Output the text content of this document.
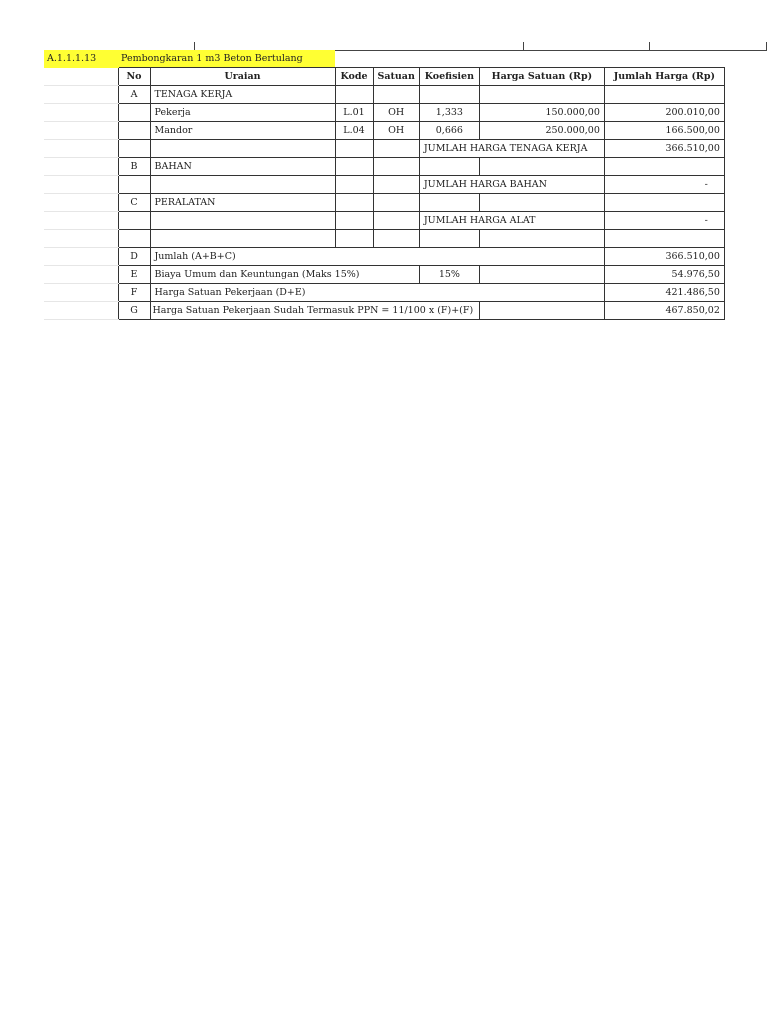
A.1.1.1.13	Pembongkaran 1 m3 Beton Bertulang						
	No	Uraian	Kode	Satuan	Koefisien	Harga Satuan (Rp)	Jumlah Harga (Rp)
	A	TENAGA KERJA					
		Pekerja	L.01	OH	1,333	150.000,00	200.010,00
		Mandor	L.04	OH	0,666	250.000,00	166.500,00
					JUMLAH HARGA TENAGA KERJA		366.510,00
	B	BAHAN					
					JUMLAH HARGA BAHAN		-
	C	PERALATAN					
					JUMLAH HARGA ALAT		-

	D	Jumlah (A+B+C)					366.510,00
	E	Biaya Umum dan Keuntungan (Maks 15%)			15%		54.976,50
	F	Harga Satuan Pekerjaan (D+E)					421.486,50
	G	Harga Satuan Pekerjaan Sudah Termasuk PPN = 11/100 x (F)+(F)					467.850,02
